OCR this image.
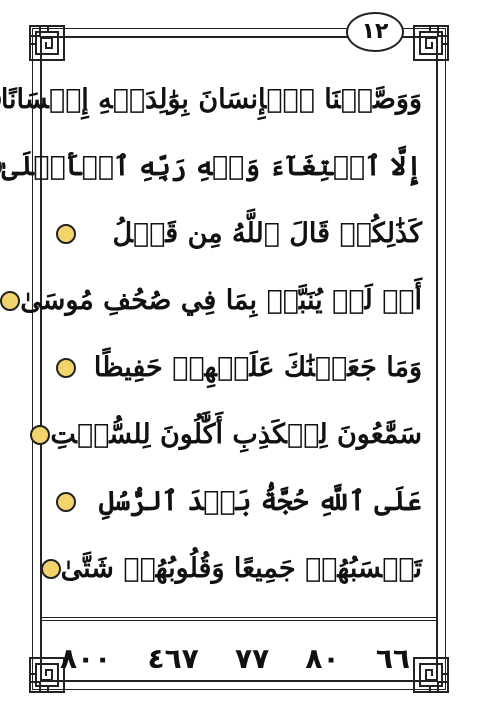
١٢
وَوَصَّيۡنَا ٱلۡإِنسَانَ بِوَٰلِدَيۡهِ إِحۡسَانًا
إِلَّا ٱبۡتِغَآءَ وَجۡهِ رَبِّهِ ٱلۡأَعۡلَىٰ
كَذَٰلِكُمۡ قَالَ ٱللَّهُ مِن قَبۡلُ
أَمۡ لَمۡ يُنَبَّأۡ بِمَا فِي صُحُفِ مُوسَىٰ
وَمَا جَعَلۡنَٰكَ عَلَيۡهِمۡ حَفِيظًا
سَمَّٰعُونَ لِلۡكَذِبِ أَكَّٰلُونَ لِلسُّحۡتِ
عَلَى ٱللَّهِ حُجَّةُۢ بَعۡدَ ٱلرُّسُلِ
تَحۡسَبُهُمۡ جَمِيعًا وَقُلُوبُهُمۡ شَتَّىٰ
٦٦
٨٠
٧٧
٤٦٧
٨٠٠
